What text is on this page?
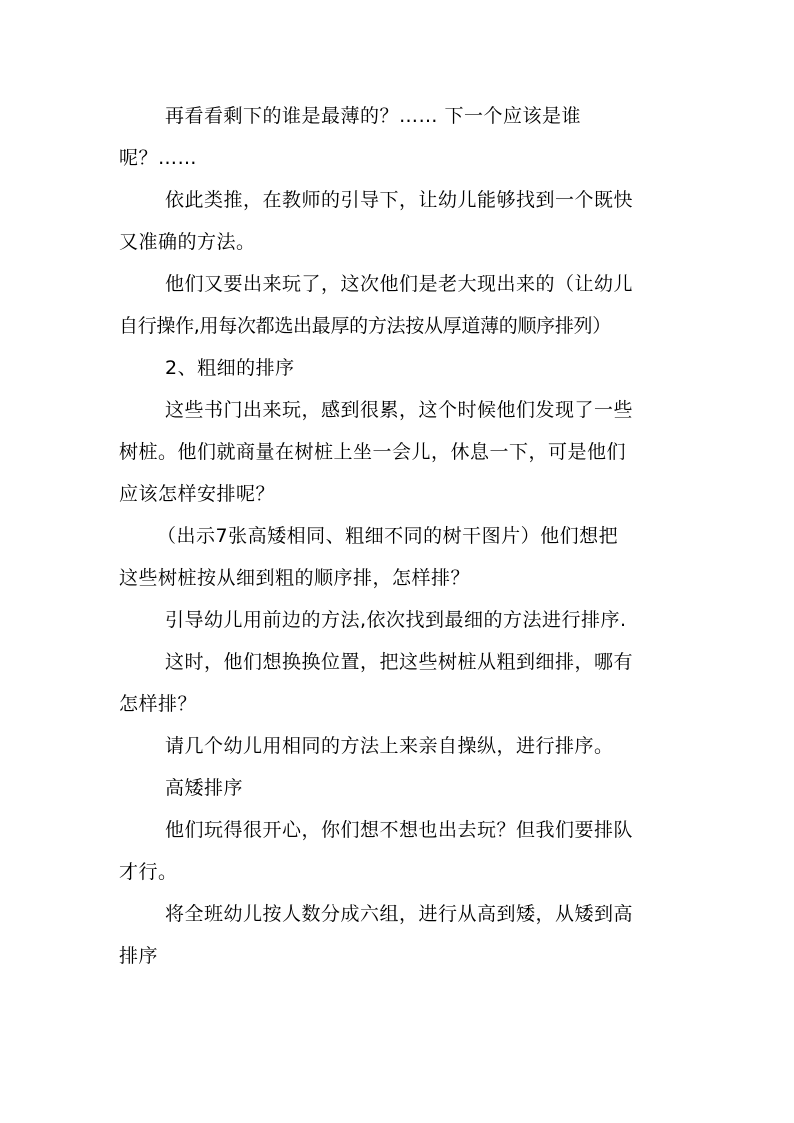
再看看剩下的谁是最薄的？…… 下一个应该是谁
呢？……
依此类推，在教师的引导下，让幼儿能够找到一个既快
又准确的方法。
他们又要出来玩了，这次他们是老大现出来的（让幼儿
自行操作,用每次都选出最厚的方法按从厚道薄的顺序排列）
2、粗细的排序
这些书门出来玩，感到很累，这个时候他们发现了一些
树桩。他们就商量在树桩上坐一会儿，休息一下，可是他们
应该怎样安排呢？
（出示7张高矮相同、粗细不同的树干图片）他们想把
这些树桩按从细到粗的顺序排，怎样排？
引导幼儿用前边的方法,依次找到最细的方法进行排序.
这时，他们想换换位置，把这些树桩从粗到细排，哪有
怎样排？
请几个幼儿用相同的方法上来亲自操纵，进行排序。
高矮排序
他们玩得很开心，你们想不想也出去玩？但我们要排队
才行。
将全班幼儿按人数分成六组，进行从高到矮，从矮到高
排序
